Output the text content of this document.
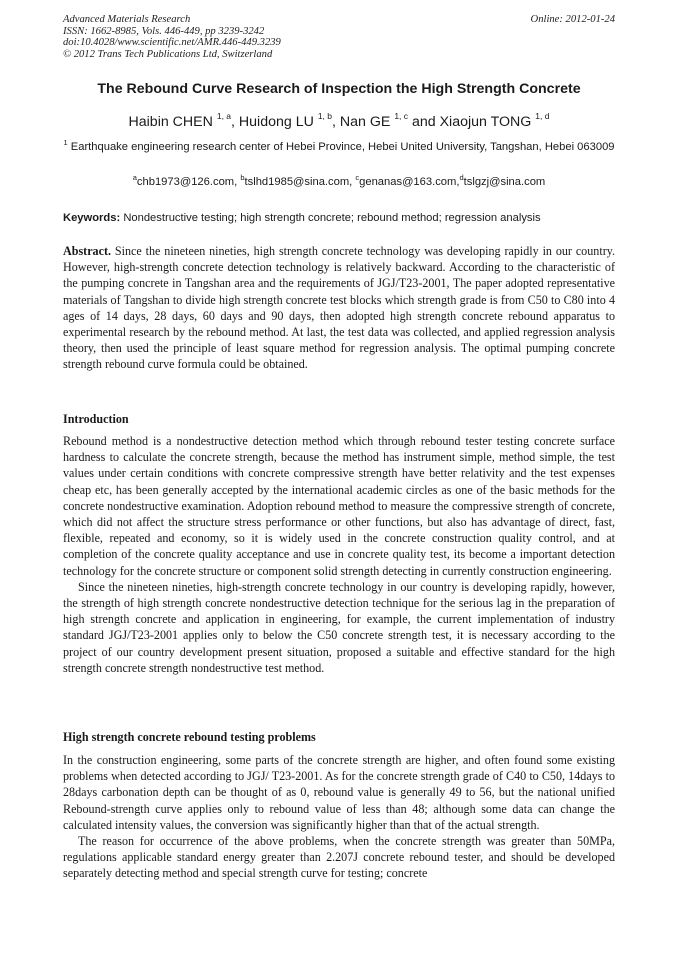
Advanced Materials Research
ISSN: 1662-8985, Vols. 446-449, pp 3239-3242
doi:10.4028/www.scientific.net/AMR.446-449.3239
© 2012 Trans Tech Publications Ltd, Switzerland
Online: 2012-01-24
The Rebound Curve Research of Inspection the High Strength Concrete
Haibin CHEN $^{1, a}$, Huidong LU $^{1, b}$, Nan GE $^{1, c}$ and Xiaojun TONG $^{1, d}$
$^1$ Earthquake engineering research center of Hebei Province, Hebei United University, Tangshan, Hebei 063009
$^a$chb1973@126.com, $^b$tslhd1985@sina.com, $^c$genanas@163.com,$^d$tslgzj@sina.com
Keywords: Nondestructive testing; high strength concrete; rebound method; regression analysis
Abstract. Since the nineteen nineties, high strength concrete technology was developing rapidly in our country. However, high-strength concrete detection technology is relatively backward. According to the characteristic of the pumping concrete in Tangshan area and the requirements of JGJ/T23-2001, The paper adopted representative materials of Tangshan to divide high strength concrete test blocks which strength grade is from C50 to C80 into 4 ages of 14 days, 28 days, 60 days and 90 days, then adopted high strength concrete rebound apparatus to experimental research by the rebound method. At last, the test data was collected, and applied regression analysis theory, then used the principle of least square method for regression analysis. The optimal pumping concrete strength rebound curve formula could be obtained.
Introduction

Rebound method is a nondestructive detection method which through rebound tester testing concrete surface hardness to calculate the concrete strength, because the method has instrument simple, method simple, the test values under certain conditions with concrete compressive strength have better relativity and the test expenses cheap etc, has been generally accepted by the international academic circles as one of the basic methods for the concrete nondestructive examination. Adoption rebound method to measure the compressive strength of concrete, which did not affect the structure stress performance or other functions, but also has advantage of direct, fast, flexible, repeated and economy, so it is widely used in the concrete construction quality control, and at completion of the concrete quality acceptance and use in concrete quality test, its become a important detection technology for the concrete structure or component solid strength detecting in currently construction engineering.

Since the nineteen nineties, high-strength concrete technology in our country is developing rapidly, however, the strength of high strength concrete nondestructive detection technique for the serious lag in the preparation of high strength concrete and application in engineering, for example, the current implementation of industry standard JGJ/T23-2001 applies only to below the C50 concrete strength test, it is necessary according to the project of our country development present situation, proposed a suitable and effective standard for the high strength concrete strength nondestructive test method.

High strength concrete rebound testing problems

In the construction engineering, some parts of the concrete strength are higher, and often found some existing problems when detected according to JGJ/ T23-2001. As for the concrete strength grade of C40 to C50, 14days to 28days carbonation depth can be thought of as 0, rebound value is generally 49 to 56, but the national unified Rebound-strength curve applies only to rebound value of less than 48; although some data can change the calculated intensity values, the conversion was significantly higher than that of the actual strength.

The reason for occurrence of the above problems, when the concrete strength was greater than 50MPa, regulations applicable standard energy greater than 2.207J concrete rebound tester, and should be developed separately detecting method and special strength curve for testing; concrete
